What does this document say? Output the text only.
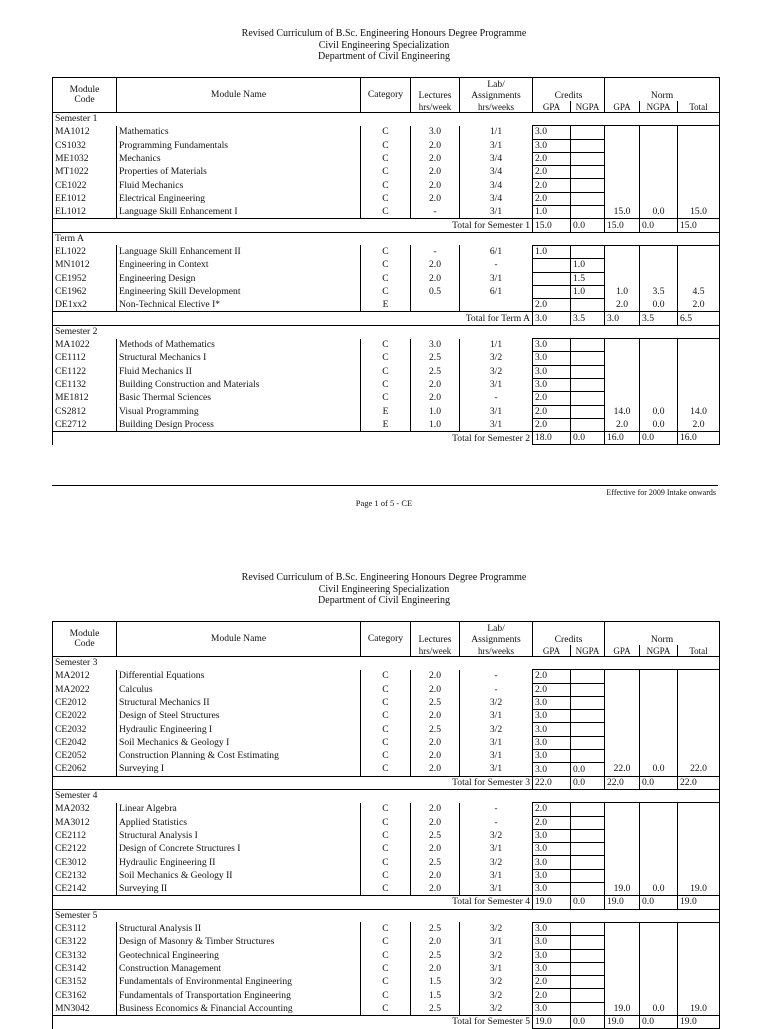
Revised Curriculum of B.Sc. Engineering Honours Degree Programme
Civil Engineering Specialization
Department of Civil Engineering
Module Code	Module Name	Category	Lectures	Lab/
Assignments	Credits		Norm		
			hrs/week	hrs/weeks	GPA	NGPA	GPA	NGPA	Total
Semester 1									
MA1012	Mathematics	C	3.0	1/1	3.0				
CS1032	Programming Fundamentals	C	2.0	3/1	3.0				
ME1032	Mechanics	C	2.0	3/4	2.0				
MT1022	Properties of Materials	C	2.0	3/4	2.0				
CE1022	Fluid Mechanics	C	2.0	3/4	2.0				
EE1012	Electrical Engineering	C	2.0	3/4	2.0				
EL1012	Language Skill Enhancement I	C	-	3/1	1.0		15.0	0.0	15.0
Total for Semester 1					15.0	0.0	15.0	0.0	15.0
Term A									
EL1022	Language Skill Enhancement II	C	-	6/1	1.0				
MN1012	Engineering in Context	C	2.0	-		1.0			
CE1952	Engineering Design	C	2.0	3/1		1.5			
CE1962	Engineering Skill Development	C	0.5	6/1		1.0	1.0	3.5	4.5
DE1xx2	Non-Technical Elective I*	E			2.0		2.0	0.0	2.0
Total for Term A					3.0	3.5	3.0	3.5	6.5
Semester 2									
MA1022	Methods of Mathematics	C	3.0	1/1	3.0				
CE1112	Structural Mechanics I	C	2.5	3/2	3.0				
CE1122	Fluid Mechanics II	C	2.5	3/2	3.0				
CE1132	Building Construction and Materials	C	2.0	3/1	3.0				
ME1812	Basic Thermal Sciences	C	2.0	-	2.0				
CS2812	Visual Programming	E	1.0	3/1	2.0		14.0	0.0	14.0
CE2712	Building Design Process	E	1.0	3/1	2.0		2.0	0.0	2.0
Total for Semester 2					18.0	0.0	16.0	0.0	16.0
Effective for 2009 Intake onwards
Page 1 of 5 - CE
Revised Curriculum of B.Sc. Engineering Honours Degree Programme
Civil Engineering Specialization
Department of Civil Engineering
Module Code	Module Name	Category	Lectures	Lab/
Assignments	Credits		Norm		
			hrs/week	hrs/weeks	GPA	NGPA	GPA	NGPA	Total
Semester 3									
MA2012	Differential Equations	C	2.0	-	2.0				
MA2022	Calculus	C	2.0	-	2.0				
CE2012	Structural Mechanics II	C	2.5	3/2	3.0				
CE2022	Design of Steel Structures	C	2.0	3/1	3.0				
CE2032	Hydraulic Engineering I	C	2.5	3/2	3.0				
CE2042	Soil Mechanics & Geology I	C	2.0	3/1	3.0				
CE2052	Construction Planning & Cost Estimating	C	2.0	3/1	3.0				
CE2062	Surveying I	C	2.0	3/1	3.0	0.0	22.0	0.0	22.0
Total for Semester 3					22.0	0.0	22.0	0.0	22.0
Semester 4									
MA2032	Linear Algebra	C	2.0	-	2.0				
MA3012	Applied Statistics	C	2.0	-	2.0				
CE2112	Structural Analysis I	C	2.5	3/2	3.0				
CE2122	Design of Concrete Structures I	C	2.0	3/1	3.0				
CE3012	Hydraulic Engineering II	C	2.5	3/2	3.0				
CE2132	Soil Mechanics & Geology II	C	2.0	3/1	3.0				
CE2142	Surveying II	C	2.0	3/1	3.0		19.0	0.0	19.0
Total for Semester 4					19.0	0.0	19.0	0.0	19.0
Semester 5									
CE3112	Structural Analysis II	C	2.5	3/2	3.0				
CE3122	Design of Masonry & Timber Structures	C	2.0	3/1	3.0				
CE3132	Geotechnical Engineering	C	2.5	3/2	3.0				
CE3142	Construction Management	C	2.0	3/1	3.0				
CE3152	Fundamentals of Environmental Engineering	C	1.5	3/2	2.0				
CE3162	Fundamentals of Transportation Engineering	C	1.5	3/2	2.0				
MN3042	Business Economics & Financial Accounting	C	2.5	3/2	3.0		19.0	0.0	19.0
Total for Semester 5					19.0	0.0	19.0	0.0	19.0
